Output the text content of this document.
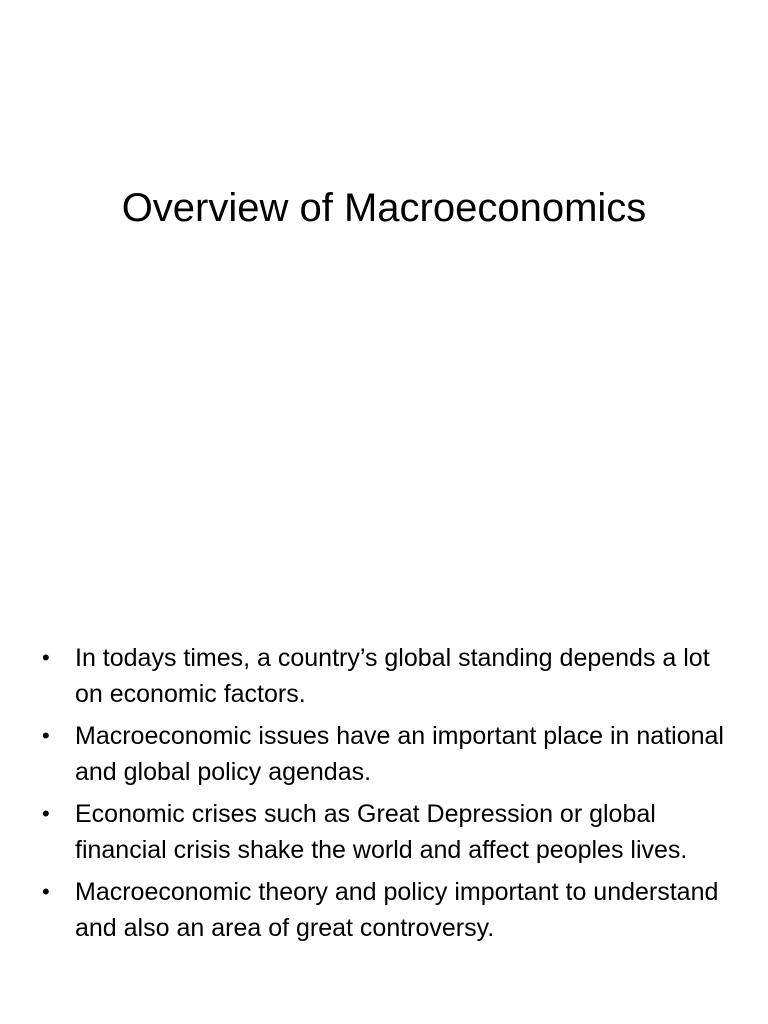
Overview of Macroeconomics
•	In todays times, a country’s global standing depends a lot on economic factors.
•	Macroeconomic issues have an important place in national and global policy agendas.
•	Economic crises such as Great Depression or global financial crisis shake the world and affect peoples lives.
•	Macroeconomic theory and policy important to understand and also an area of great controversy.
